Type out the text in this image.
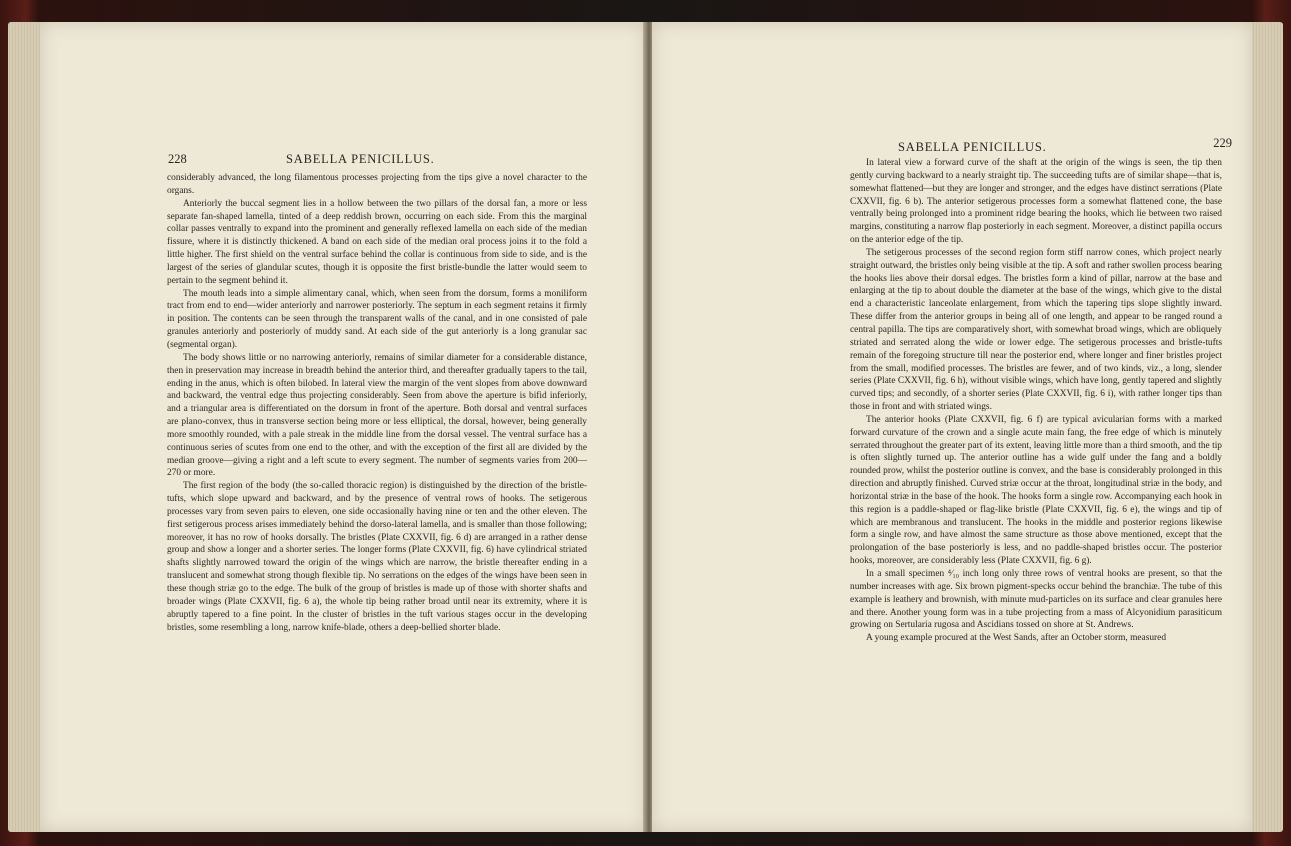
228	SABELLA PENICILLUS.

considerably advanced, the long filamentous processes projecting from the tips give a novel character to the organs.

Anteriorly the buccal segment lies in a hollow between the two pillars of the dorsal fan, a more or less separate fan-shaped lamella, tinted of a deep reddish brown, occurring on each side. From this the marginal collar passes ventrally to expand into the prominent and generally reflexed lamella on each side of the median fissure, where it is distinctly thickened. A band on each side of the median oral process joins it to the fold a little higher. The first shield on the ventral surface behind the collar is continuous from side to side, and is the largest of the series of glandular scutes, though it is opposite the first bristle-bundle the latter would seem to pertain to the segment behind it.

The mouth leads into a simple alimentary canal, which, when seen from the dorsum, forms a moniliform tract from end to end—wider anteriorly and narrower posteriorly. The septum in each segment retains it firmly in position. The contents can be seen through the transparent walls of the canal, and in one consisted of pale granules anteriorly and posteriorly of muddy sand. At each side of the gut anteriorly is a long granular sac (segmental organ).

The body shows little or no narrowing anteriorly, remains of similar diameter for a considerable distance, then in preservation may increase in breadth behind the anterior third, and thereafter gradually tapers to the tail, ending in the anus, which is often bilobed. In lateral view the margin of the vent slopes from above downward and backward, the ventral edge thus projecting considerably. Seen from above the aperture is bifid inferiorly, and a triangular area is differentiated on the dorsum in front of the aperture. Both dorsal and ventral surfaces are plano-convex, thus in transverse section being more or less elliptical, the dorsal, however, being generally more smoothly rounded, with a pale streak in the middle line from the dorsal vessel. The ventral surface has a continuous series of scutes from one end to the other, and with the exception of the first all are divided by the median groove—giving a right and a left scute to every segment. The number of segments varies from 200—270 or more.

The first region of the body (the so-called thoracic region) is distinguished by the direction of the bristle-tufts, which slope upward and backward, and by the presence of ventral rows of hooks. The setigerous processes vary from seven pairs to eleven, one side occasionally having nine or ten and the other eleven. The first setigerous process arises immediately behind the dorso-lateral lamella, and is smaller than those following; moreover, it has no row of hooks dorsally. The bristles (Plate CXXVII, fig. 6 d) are arranged in a rather dense group and show a longer and a shorter series. The longer forms (Plate CXXVII, fig. 6) have cylindrical striated shafts slightly narrowed toward the origin of the wings which are narrow, the bristle thereafter ending in a translucent and somewhat strong though flexible tip. No serrations on the edges of the wings have been seen in these though striæ go to the edge. The bulk of the group of bristles is made up of those with shorter shafts and broader wings (Plate CXXVII, fig. 6 a), the whole tip being rather broad until near its extremity, where it is abruptly tapered to a fine point. In the cluster of bristles in the tuft various stages occur in the developing bristles, some resembling a long, narrow knife-blade, others a deep-bellied shorter blade.

SABELLA PENICILLUS.	229

In lateral view a forward curve of the shaft at the origin of the wings is seen, the tip then gently curving backward to a nearly straight tip. The succeeding tufts are of similar shape—that is, somewhat flattened—but they are longer and stronger, and the edges have distinct serrations (Plate CXXVII, fig. 6 b). The anterior setigerous processes form a somewhat flattened cone, the base ventrally being prolonged into a prominent ridge bearing the hooks, which lie between two raised margins, constituting a narrow flap posteriorly in each segment. Moreover, a distinct papilla occurs on the anterior edge of the tip.

The setigerous processes of the second region form stiff narrow cones, which project nearly straight outward, the bristles only being visible at the tip. A soft and rather swollen process bearing the hooks lies above their dorsal edges. The bristles form a kind of pillar, narrow at the base and enlarging at the tip to about double the diameter at the base of the wings, which give to the distal end a characteristic lanceolate enlargement, from which the tapering tips slope slightly inward. These differ from the anterior groups in being all of one length, and appear to be ranged round a central papilla. The tips are comparatively short, with somewhat broad wings, which are obliquely striated and serrated along the wide or lower edge. The setigerous processes and bristle-tufts remain of the foregoing structure till near the posterior end, where longer and finer bristles project from the small, modified processes. The bristles are fewer, and of two kinds, viz., a long, slender series (Plate CXXVII, fig. 6 h), without visible wings, which have long, gently tapered and slightly curved tips; and secondly, of a shorter series (Plate CXXVII, fig. 6 i), with rather longer tips than those in front and with striated wings.

The anterior hooks (Plate CXXVII, fig. 6 f) are typical avicularian forms with a marked forward curvature of the crown and a single acute main fang, the free edge of which is minutely serrated throughout the greater part of its extent, leaving little more than a third smooth, and the tip is often slightly turned up. The anterior outline has a wide gulf under the fang and a boldly rounded prow, whilst the posterior outline is convex, and the base is considerably prolonged in this direction and abruptly finished. Curved striæ occur at the throat, longitudinal striæ in the body, and horizontal striæ in the base of the hook. The hooks form a single row. Accompanying each hook in this region is a paddle-shaped or flag-like bristle (Plate CXXVII, fig. 6 e), the wings and tip of which are membranous and translucent. The hooks in the middle and posterior regions likewise form a single row, and have almost the same structure as those above mentioned, except that the prolongation of the base posteriorly is less, and no paddle-shaped bristles occur. The posterior hooks, moreover, are considerably less (Plate CXXVII, fig. 6 g).

In a small specimen ⁴⁄₁₀ inch long only three rows of ventral hooks are present, so that the number increases with age. Six brown pigment-specks occur behind the branchiæ. The tube of this example is leathery and brownish, with minute mud-particles on its surface and clear granules here and there. Another young form was in a tube projecting from a mass of Alcyonidium parasiticum growing on Sertularia rugosa and Ascidians tossed on shore at St. Andrews.

A young example procured at the West Sands, after an October storm, measured
